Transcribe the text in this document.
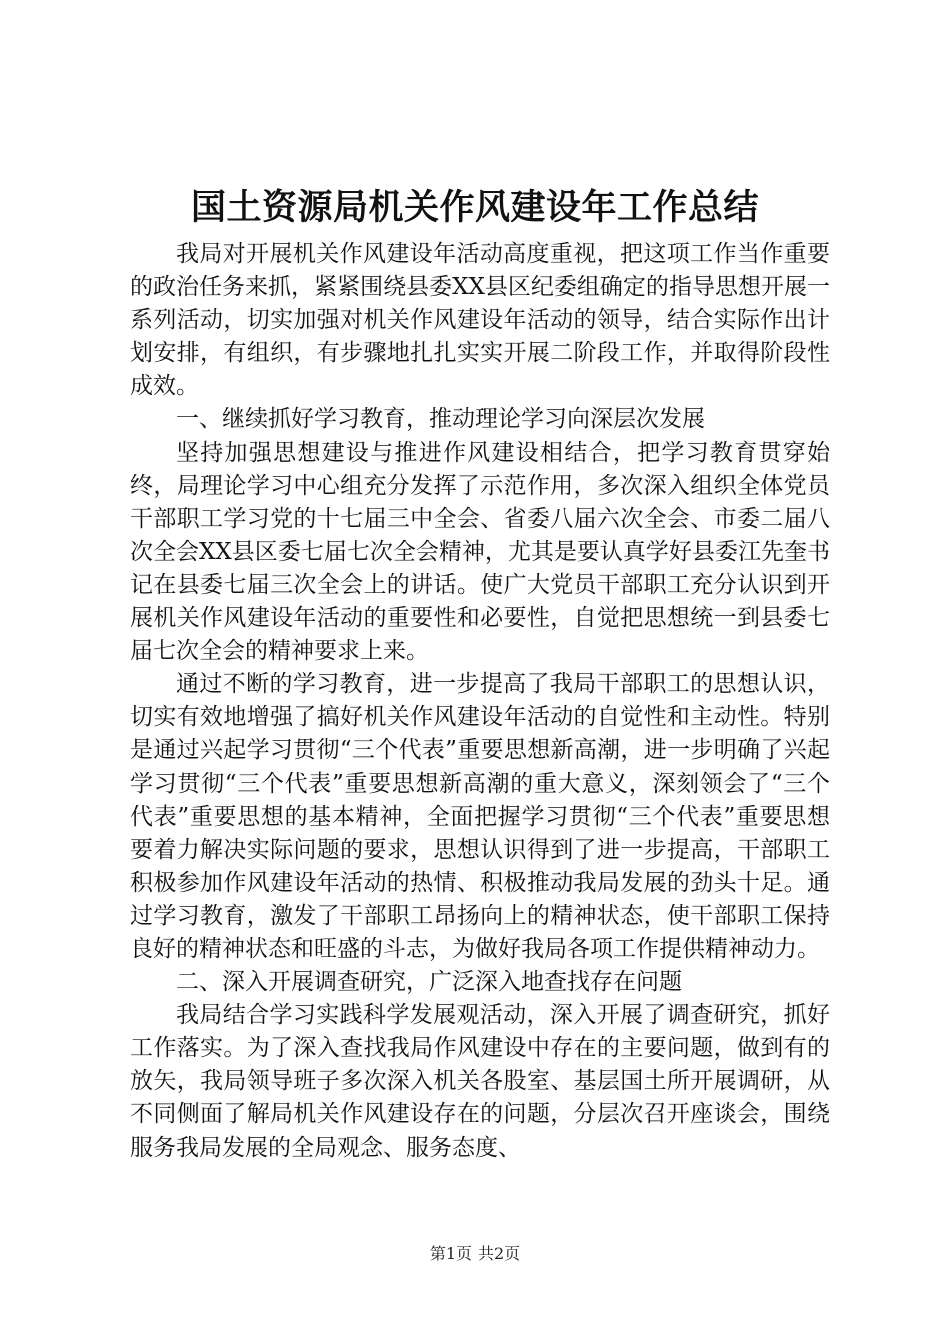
国土资源局机关作风建设年工作总结

我局对开展机关作风建设年活动高度重视，把这项工作当作重要的政治任务来抓，紧紧围绕县委XX县区纪委组确定的指导思想开展一系列活动，切实加强对机关作风建设年活动的领导，结合实际作出计划安排，有组织，有步骤地扎扎实实开展二阶段工作，并取得阶段性成效。

一、继续抓好学习教育，推动理论学习向深层次发展

坚持加强思想建设与推进作风建设相结合，把学习教育贯穿始终，局理论学习中心组充分发挥了示范作用，多次深入组织全体党员干部职工学习党的十七届三中全会、省委八届六次全会、市委二届八次全会XX县区委七届七次全会精神，尤其是要认真学好县委江先奎书记在县委七届三次全会上的讲话。使广大党员干部职工充分认识到开展机关作风建设年活动的重要性和必要性，自觉把思想统一到县委七届七次全会的精神要求上来。

通过不断的学习教育，进一步提高了我局干部职工的思想认识，切实有效地增强了搞好机关作风建设年活动的自觉性和主动性。特别是通过兴起学习贯彻“三个代表”重要思想新高潮，进一步明确了兴起学习贯彻“三个代表”重要思想新高潮的重大意义，深刻领会了“三个代表”重要思想的基本精神，全面把握学习贯彻“三个代表”重要思想要着力解决实际问题的要求，思想认识得到了进一步提高，干部职工积极参加作风建设年活动的热情、积极推动我局发展的劲头十足。通过学习教育，激发了干部职工昂扬向上的精神状态，使干部职工保持良好的精神状态和旺盛的斗志，为做好我局各项工作提供精神动力。

二、深入开展调查研究，广泛深入地查找存在问题

我局结合学习实践科学发展观活动，深入开展了调查研究，抓好工作落实。为了深入查找我局作风建设中存在的主要问题，做到有的放矢，我局领导班子多次深入机关各股室、基层国土所开展调研，从不同侧面了解局机关作风建设存在的问题，分层次召开座谈会，围绕服务我局发展的全局观念、服务态度、

第1页 共2页
